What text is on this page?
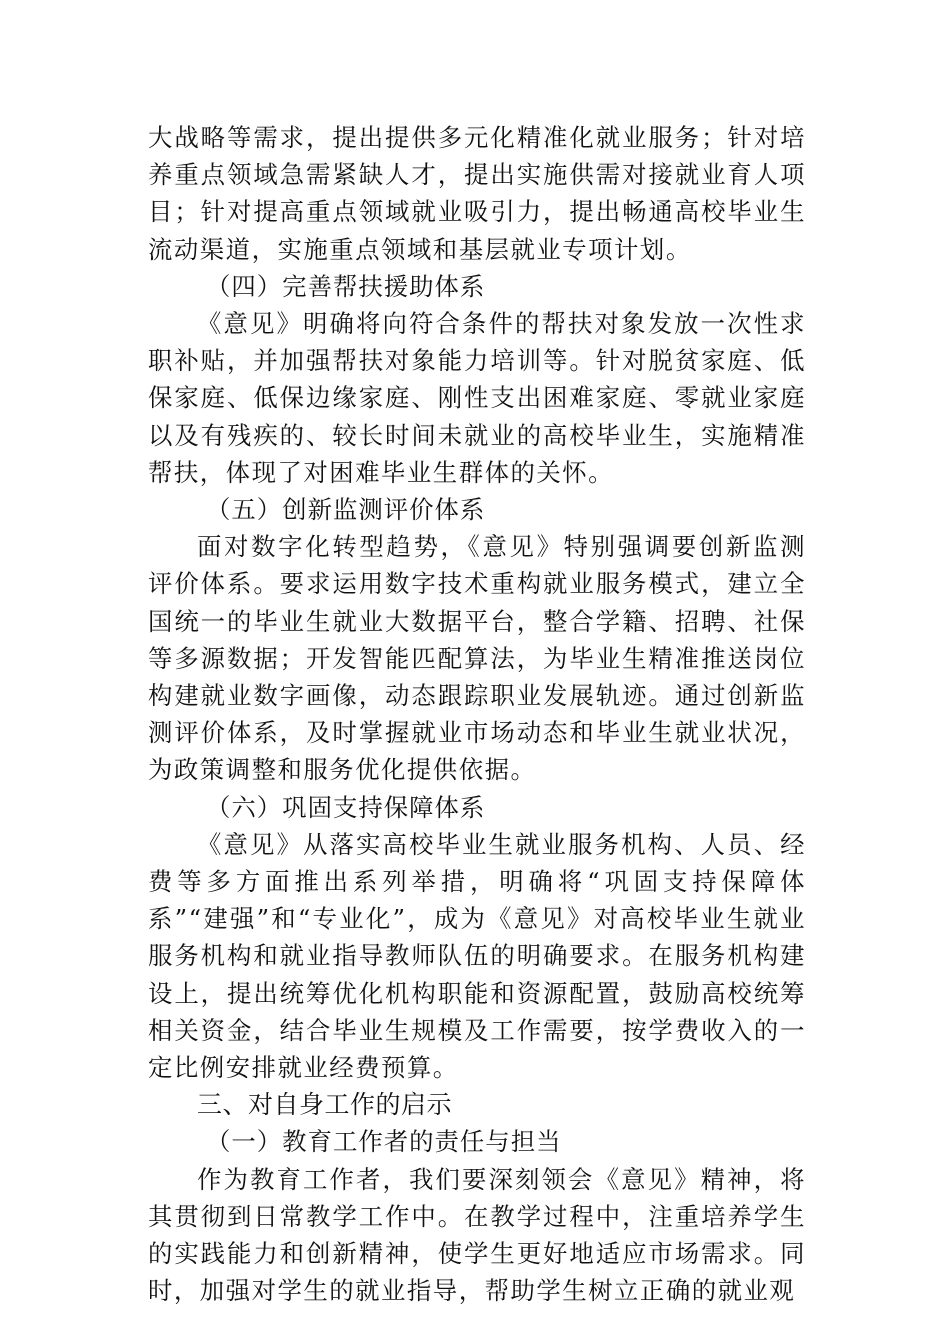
大战略等需求，提出提供多元化精准化就业服务；针对培养重点领域急需紧缺人才，提出实施供需对接就业育人项目；针对提高重点领域就业吸引力，提出畅通高校毕业生流动渠道，实施重点领域和基层就业专项计划。

（四）完善帮扶援助体系

《意见》明确将向符合条件的帮扶对象发放一次性求职补贴，并加强帮扶对象能力培训等。针对脱贫家庭、低保家庭、低保边缘家庭、刚性支出困难家庭、零就业家庭以及有残疾的、较长时间未就业的高校毕业生，实施精准帮扶，体现了对困难毕业生群体的关怀。

（五）创新监测评价体系

面对数字化转型趋势，《意见》特别强调要创新监测评价体系。要求运用数字技术重构就业服务模式，建立全国统一的毕业生就业大数据平台，整合学籍、招聘、社保等多源数据；开发智能匹配算法，为毕业生精准推送岗位构建就业数字画像，动态跟踪职业发展轨迹。通过创新监测评价体系，及时掌握就业市场动态和毕业生就业状况，为政策调整和服务优化提供依据。

（六）巩固支持保障体系

《意见》从落实高校毕业生就业服务机构、人员、经费等多方面推出系列举措，明确将“巩固支持保障体系”“建强”和“专业化”，成为《意见》对高校毕业生就业服务机构和就业指导教师队伍的明确要求。在服务机构建设上，提出统筹优化机构职能和资源配置，鼓励高校统筹相关资金，结合毕业生规模及工作需要，按学费收入的一定比例安排就业经费预算。

三、对自身工作的启示

（一）教育工作者的责任与担当

作为教育工作者，我们要深刻领会《意见》精神，将其贯彻到日常教学工作中。在教学过程中，注重培养学生的实践能力和创新精神，使学生更好地适应市场需求。同时，加强对学生的就业指导，帮助学生树立正确的就业观
